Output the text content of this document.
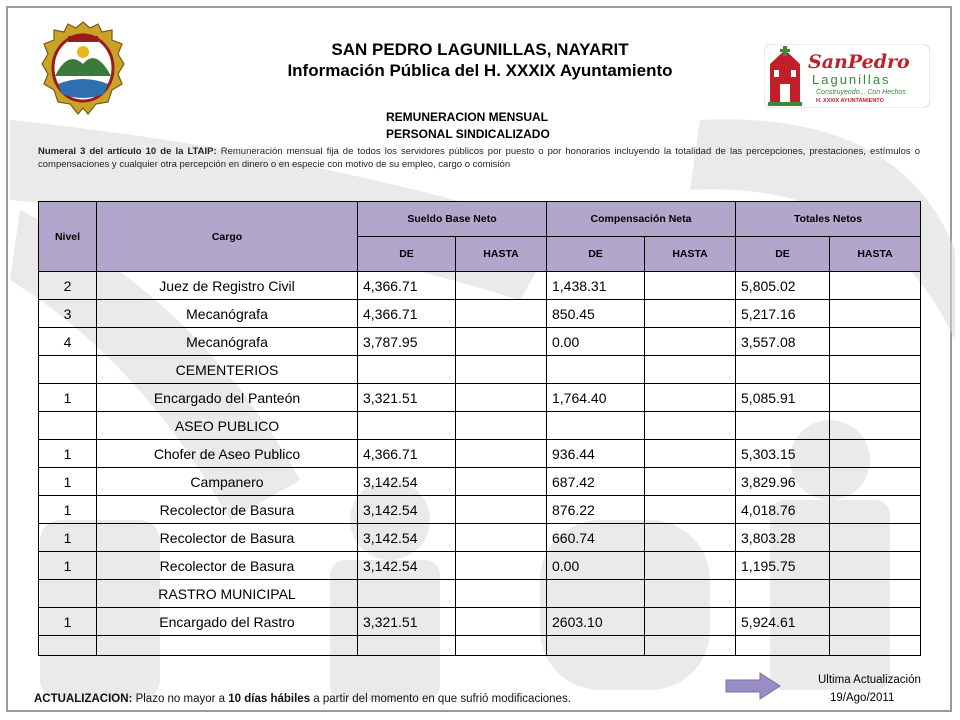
SAN PEDRO LAGUNILLAS, NAYARIT
Información Pública del H. XXXIX Ayuntamiento	SanPedro
Lagunillas
Construyendo... Con Hechos
H. XXXIX AYUNTAMIENTO
REMUNERACION MENSUAL
PERSONAL SINDICALIZADO
Numeral 3 del artículo 10 de la LTAIP: Remuneración mensual fija de todos los servidores públicos por puesto o por honorarios incluyendo la totalidad de las percepciones, prestaciones, estímulos o compensaciones y cualquier otra percepción en dinero o en especie con motivo de su empleo, cargo o comisión
Nivel	Cargo	Sueldo Base Neto		Compensación Neta		Totales Netos	
		DE	HASTA	DE	HASTA	DE	HASTA
2	Juez de Registro Civil	4,366.71		1,438.31		5,805.02	
3	Mecanógrafa	4,366.71		850.45		5,217.16	
4	Mecanógrafa	3,787.95		0.00		3,557.08	
	CEMENTERIOS						
1	Encargado del Panteón	3,321.51		1,764.40		5,085.91	
	ASEO PUBLICO						
1	Chofer de Aseo Publico	4,366.71		936.44		5,303.15	
1	Campanero	3,142.54		687.42		3,829.96	
1	Recolector de Basura	3,142.54		876.22		4,018.76	
1	Recolector de Basura	3,142.54		660.74		3,803.28	
1	Recolector de Basura	3,142.54		0.00		1,195.75	
	RASTRO MUNICIPAL						
1	Encargado del Rastro	3,321.51		2603.10		5,924.61	

ACTUALIZACION: Plazo no mayor a 10 días hábiles a partir del momento en que sufrió modificaciones.
Ultima Actualización
19/Ago/2011
